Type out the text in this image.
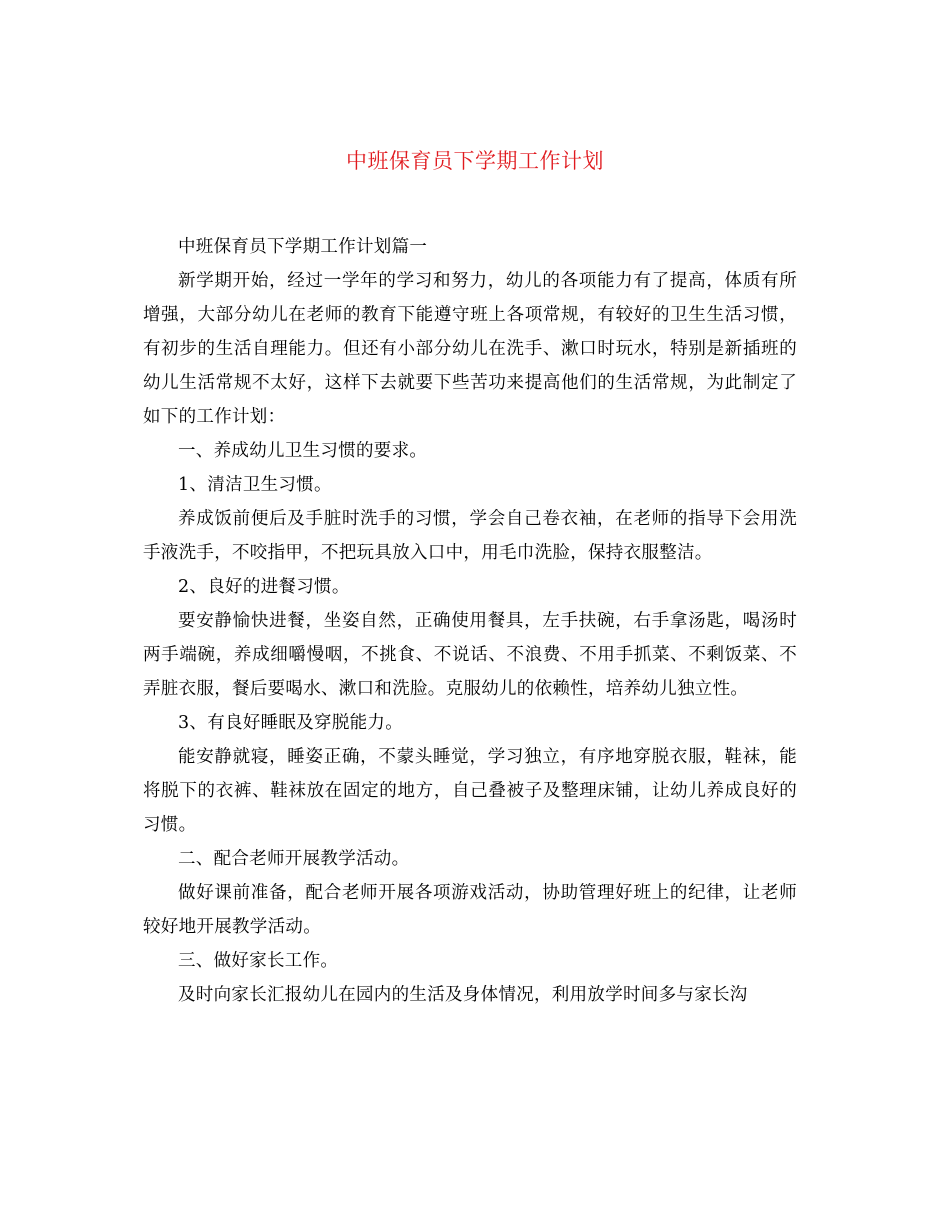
中班保育员下学期工作计划

中班保育员下学期工作计划篇一

新学期开始，经过一学年的学习和努力，幼儿的各项能力有了提高，体质有所增强，大部分幼儿在老师的教育下能遵守班上各项常规，有较好的卫生生活习惯，有初步的生活自理能力。但还有小部分幼儿在洗手、漱口时玩水，特别是新插班的幼儿生活常规不太好，这样下去就要下些苦功来提高他们的生活常规，为此制定了如下的工作计划：

一、养成幼儿卫生习惯的要求。

1、清洁卫生习惯。

养成饭前便后及手脏时洗手的习惯，学会自己卷衣袖，在老师的指导下会用洗手液洗手，不咬指甲，不把玩具放入口中，用毛巾洗脸，保持衣服整洁。

2、良好的进餐习惯。

要安静愉快进餐，坐姿自然，正确使用餐具，左手扶碗，右手拿汤匙，喝汤时两手端碗，养成细嚼慢咽，不挑食、不说话、不浪费、不用手抓菜、不剩饭菜、不弄脏衣服，餐后要喝水、漱口和洗脸。克服幼儿的依赖性，培养幼儿独立性。

3、有良好睡眠及穿脱能力。

能安静就寝，睡姿正确，不蒙头睡觉，学习独立，有序地穿脱衣服，鞋袜，能将脱下的衣裤、鞋袜放在固定的地方，自己叠被子及整理床铺，让幼儿养成良好的习惯。

二、配合老师开展教学活动。

做好课前准备，配合老师开展各项游戏活动，协助管理好班上的纪律，让老师较好地开展教学活动。

三、做好家长工作。

及时向家长汇报幼儿在园内的生活及身体情况，利用放学时间多与家长沟
